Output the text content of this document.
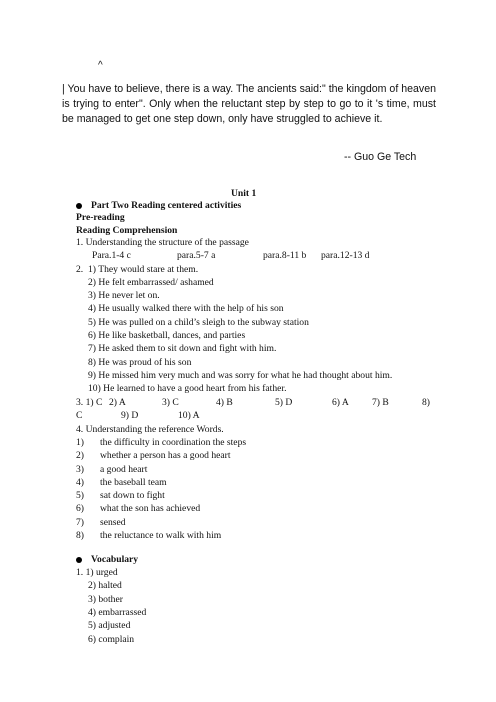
^
| You have to believe, there is a way. The ancients said:" the kingdom of heaven is trying to enter". Only when the reluctant step by step to go to it 's time, must be managed to get one step down, only have struggled to achieve it.
-- Guo Ge Tech
Unit 1
Part Two Reading centered activities
Pre-reading
Reading Comprehension
1. Understanding the structure of the passage
Para.1-4 c	para.5-7 a	para.8-11 b para.12-13 d
2. 1) They would stare at them.
2) He felt embarrassed/ ashamed
3) He never let on.
4) He usually walked there with the help of his son
5) He was pulled on a child’s sleigh to the subway station
6) He like basketball, dances, and parties
7) He asked them to sit down and fight with him.
8) He was proud of his son
9) He missed him very much and was sorry for what he had thought about him.
10) He learned to have a good heart from his father.
3. 1) C 2) A	3) C	4) B	5) D	6) A 7) B	8)
C	9) D	10) A
4. Understanding the reference Words.
1) the difficulty in coordination the steps
2) whether a person has a good heart
3) a good heart
4) the baseball team
5) sat down to fight
6) what the son has achieved
7) sensed
8) the reluctance to walk with him
Vocabulary
1. 1) urged
2) halted
3) bother
4) embarrassed
5) adjusted
6) complain
